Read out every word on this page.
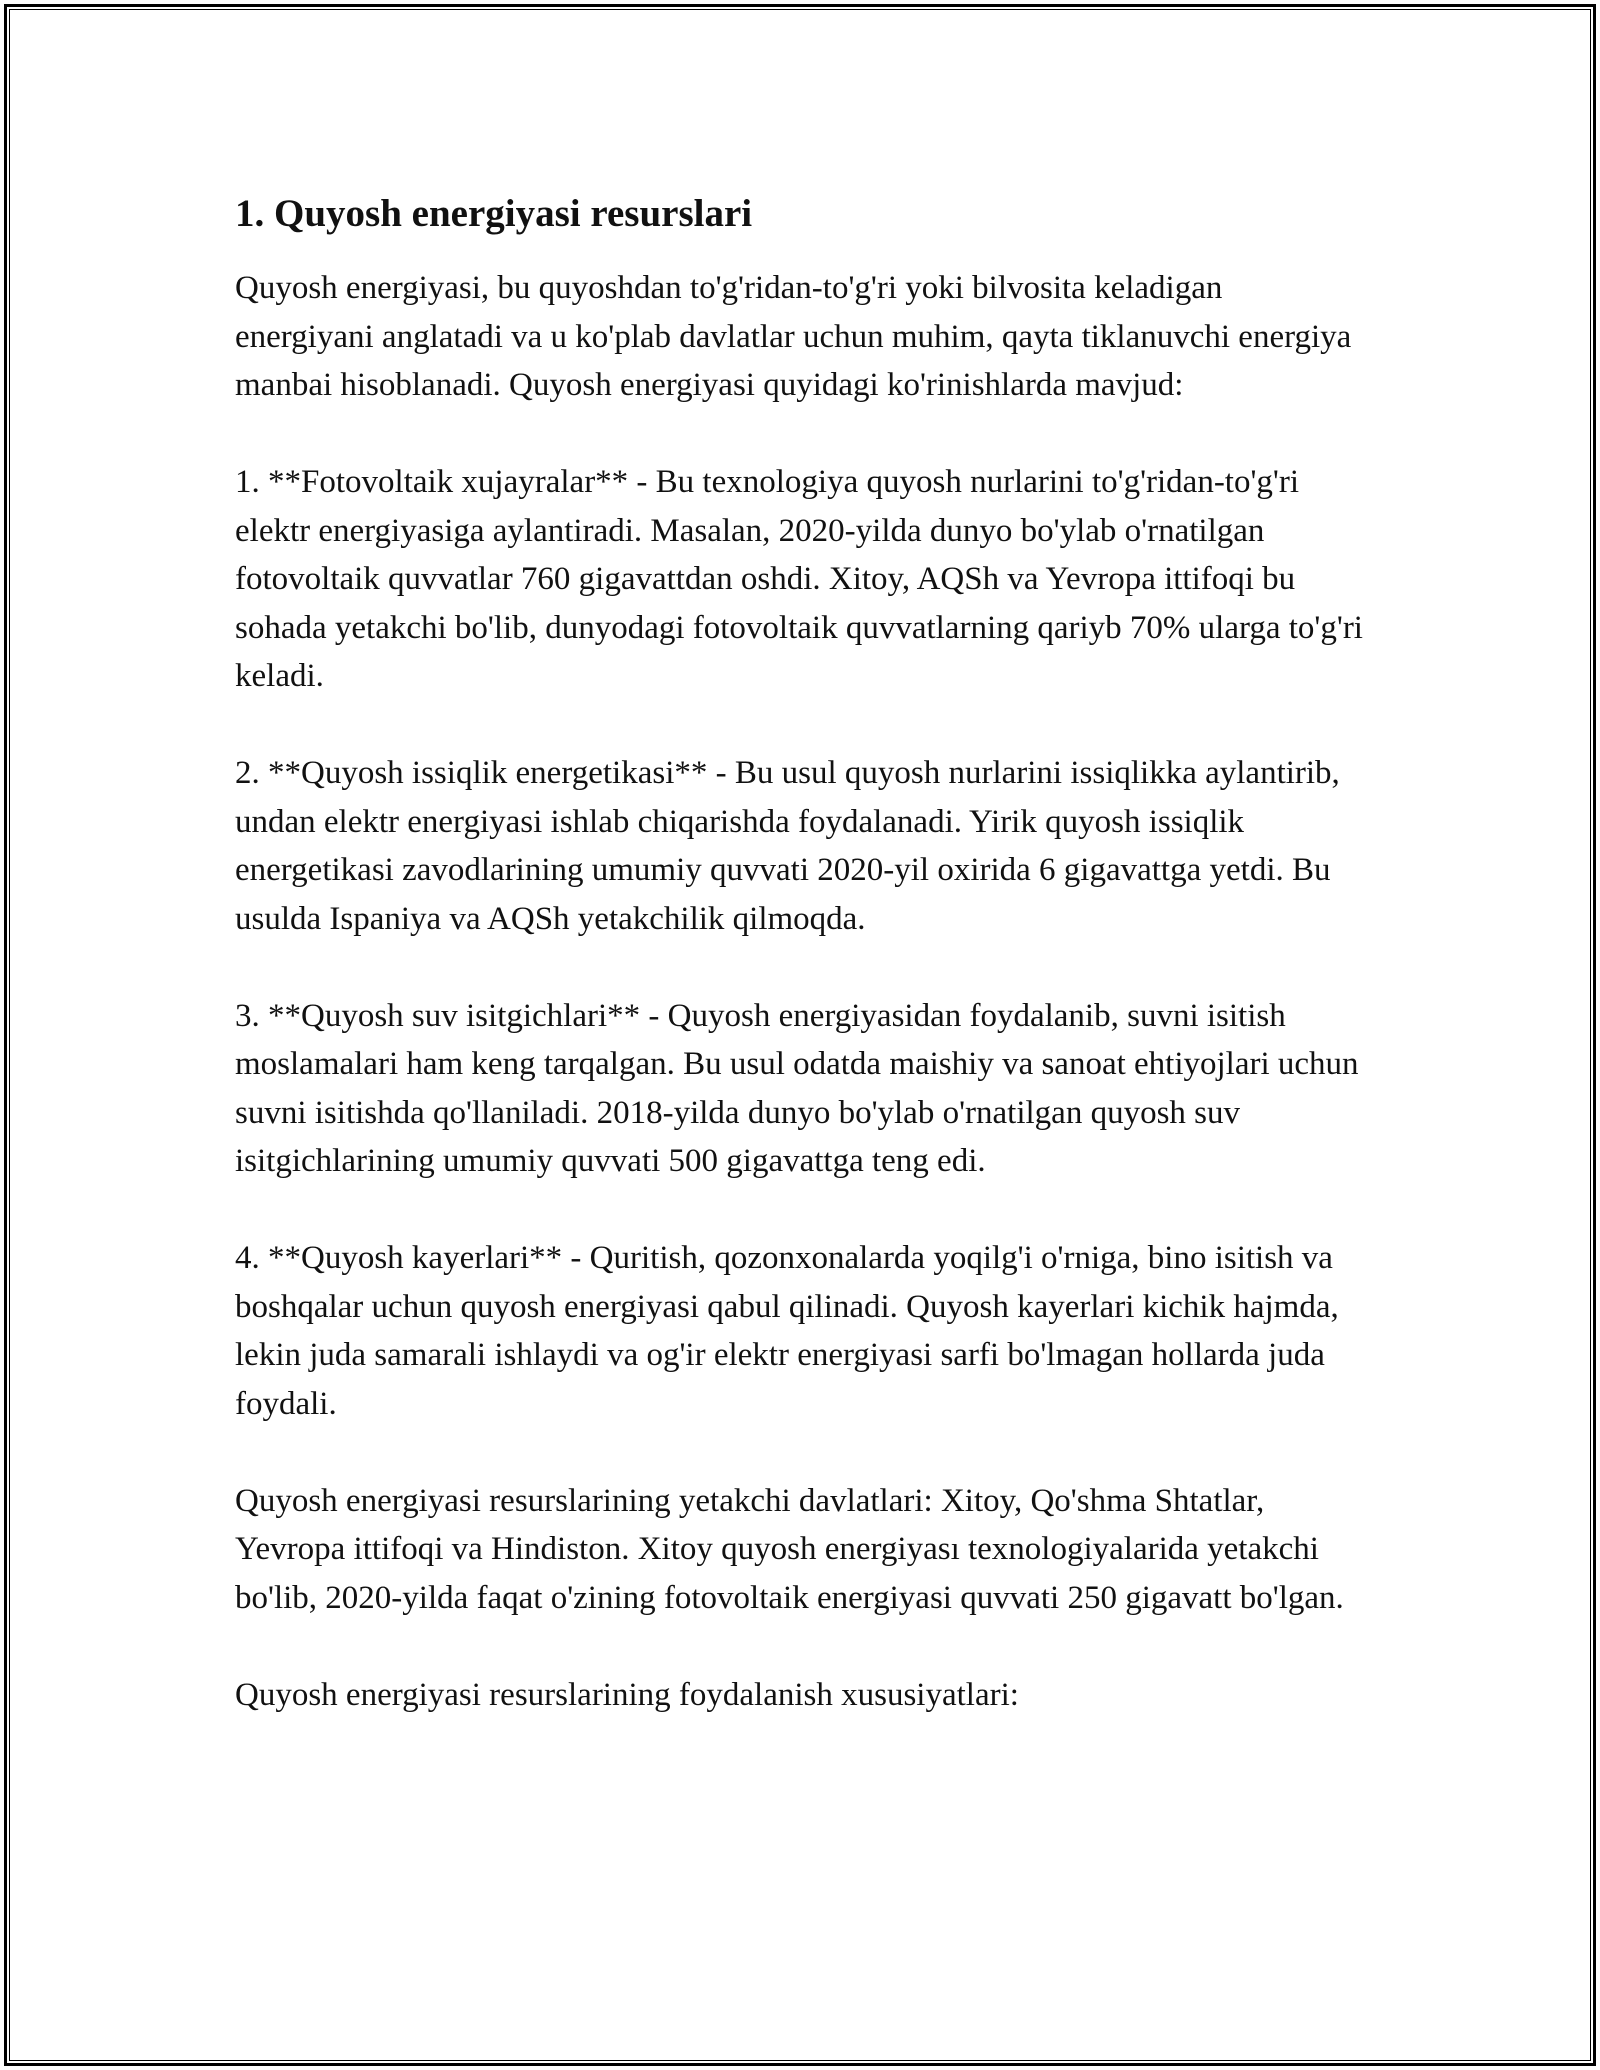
1. Quyosh energiyasi resurslari

Quyosh energiyasi, bu quyoshdan to'g'ridan-to'g'ri yoki bilvosita keladigan energiyani anglatadi va u ko'plab davlatlar uchun muhim, qayta tiklanuvchi energiya manbai hisoblanadi. Quyosh energiyasi quyidagi ko'rinishlarda mavjud:

1. **Fotovoltaik xujayralar** - Bu texnologiya quyosh nurlarini to'g'ridan-to'g'ri elektr energiyasiga aylantiradi. Masalan, 2020-yilda dunyo bo'ylab o'rnatilgan fotovoltaik quvvatlar 760 gigavattdan oshdi. Xitoy, AQSh va Yevropa ittifoqi bu sohada yetakchi bo'lib, dunyodagi fotovoltaik quvvatlarning qariyb 70% ularga to'g'ri keladi.

2. **Quyosh issiqlik energetikasi** - Bu usul quyosh nurlarini issiqlikka aylantirib, undan elektr energiyasi ishlab chiqarishda foydalanadi. Yirik quyosh issiqlik energetikasi zavodlarining umumiy quvvati 2020-yil oxirida 6 gigavattga yetdi. Bu usulda Ispaniya va AQSh yetakchilik qilmoqda.

3. **Quyosh suv isitgichlari** - Quyosh energiyasidan foydalanib, suvni isitish moslamalari ham keng tarqalgan. Bu usul odatda maishiy va sanoat ehtiyojlari uchun suvni isitishda qo'llaniladi. 2018-yilda dunyo bo'ylab o'rnatilgan quyosh suv isitgichlarining umumiy quvvati 500 gigavattga teng edi.

4. **Quyosh kayerlari** - Quritish, qozonxonalarda yoqilg'i o'rniga, bino isitish va boshqalar uchun quyosh energiyasi qabul qilinadi. Quyosh kayerlari kichik hajmda, lekin juda samarali ishlaydi va og'ir elektr energiyasi sarfi bo'lmagan hollarda juda foydali.

Quyosh energiyasi resurslarining yetakchi davlatlari: Xitoy, Qo'shma Shtatlar, Yevropa ittifoqi va Hindiston. Xitoy quyosh energiyası texnologiyalarida yetakchi bo'lib, 2020-yilda faqat o'zining fotovoltaik energiyasi quvvati 250 gigavatt bo'lgan.

Quyosh energiyasi resurslarining foydalanish xususiyatlari:
